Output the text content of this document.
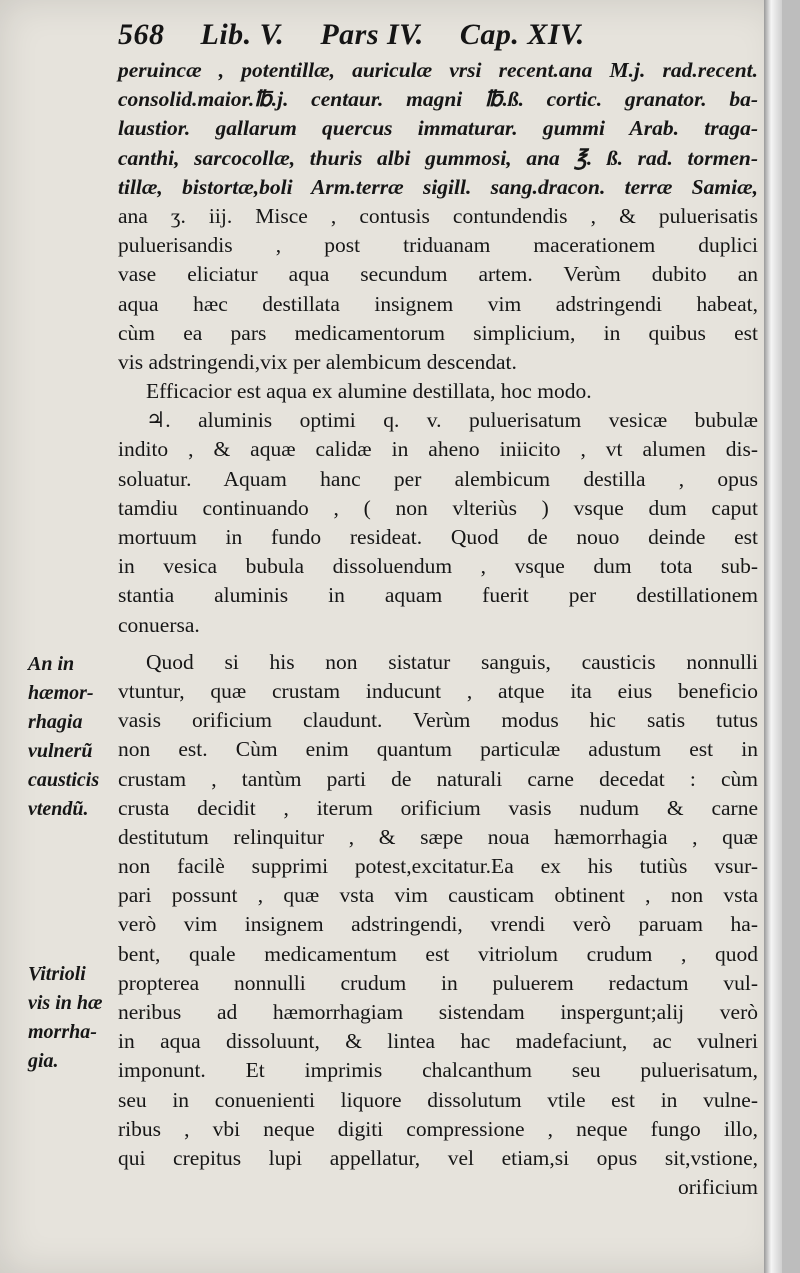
568 Lib. V. Pars IV. Cap. XIV.
peruincæ , potentillæ, auriculæ vrsi recent.ana M.j. rad.recent.
consolid.maior.℔.j. centaur. magni ℔.ß. cortic. granator. ba-
laustior. gallarum quercus immaturar. gummi Arab. traga-
canthi, sarcocollæ, thuris albi gummosi, ana ℥. ß. rad. tormen-
tillæ, bistortæ,boli Arm.terræ sigill. sang.dracon. terræ Samiæ,
ana ʒ. iij. Misce , contusis contundendis , & puluerisatis
puluerisandis , post triduanam macerationem duplici
vase eliciatur aqua secundum artem. Verùm dubito an
aqua hæc destillata insignem vim adstringendi habeat,
cùm ea pars medicamentorum simplicium, in quibus est
vis adstringendi,vix per alembicum descendat.
Efficacior est aqua ex alumine destillata, hoc modo.
♃. aluminis optimi q. v. puluerisatum vesicæ bubulæ
indito , & aquæ calidæ in aheno iniicito , vt alumen dis-
soluatur. Aquam hanc per alembicum destilla , opus
tamdiu continuando , ( non vlteriùs ) vsque dum caput
mortuum in fundo resideat. Quod de nouo deinde est
in vesica bubula dissoluendum , vsque dum tota sub-
stantia aluminis in aquam fuerit per destillationem
conuersa.
Quod si his non sistatur sanguis, causticis nonnulli
vtuntur, quæ crustam inducunt , atque ita eius beneficio
vasis orificium claudunt. Verùm modus hic satis tutus
non est. Cùm enim quantum particulæ adustum est in
crustam , tantùm parti de naturali carne decedat : cùm
crusta decidit , iterum orificium vasis nudum & carne
destitutum relinquitur , & sæpe noua hæmorrhagia , quæ
non facilè supprimi potest,excitatur.Ea ex his tutiùs vsur-
pari possunt , quæ vsta vim causticam obtinent , non vsta
verò vim insignem adstringendi, vrendi verò paruam ha-
bent, quale medicamentum est vitriolum crudum , quod
propterea nonnulli crudum in puluerem redactum vul-
neribus ad hæmorrhagiam sistendam inspergunt;alij verò
in aqua dissoluunt, & lintea hac madefaciunt, ac vulneri
imponunt. Et imprimis chalcanthum seu puluerisatum,
seu in conuenienti liquore dissolutum vtile est in vulne-
ribus , vbi neque digiti compressione , neque fungo illo,
qui crepitus lupi appellatur, vel etiam,si opus sit,vstione,
orificium
An in
hæmor-
rhagia
vulnerũ
causticis
vtendũ.
Vitrioli
vis in hæ
morrha-
gia.
